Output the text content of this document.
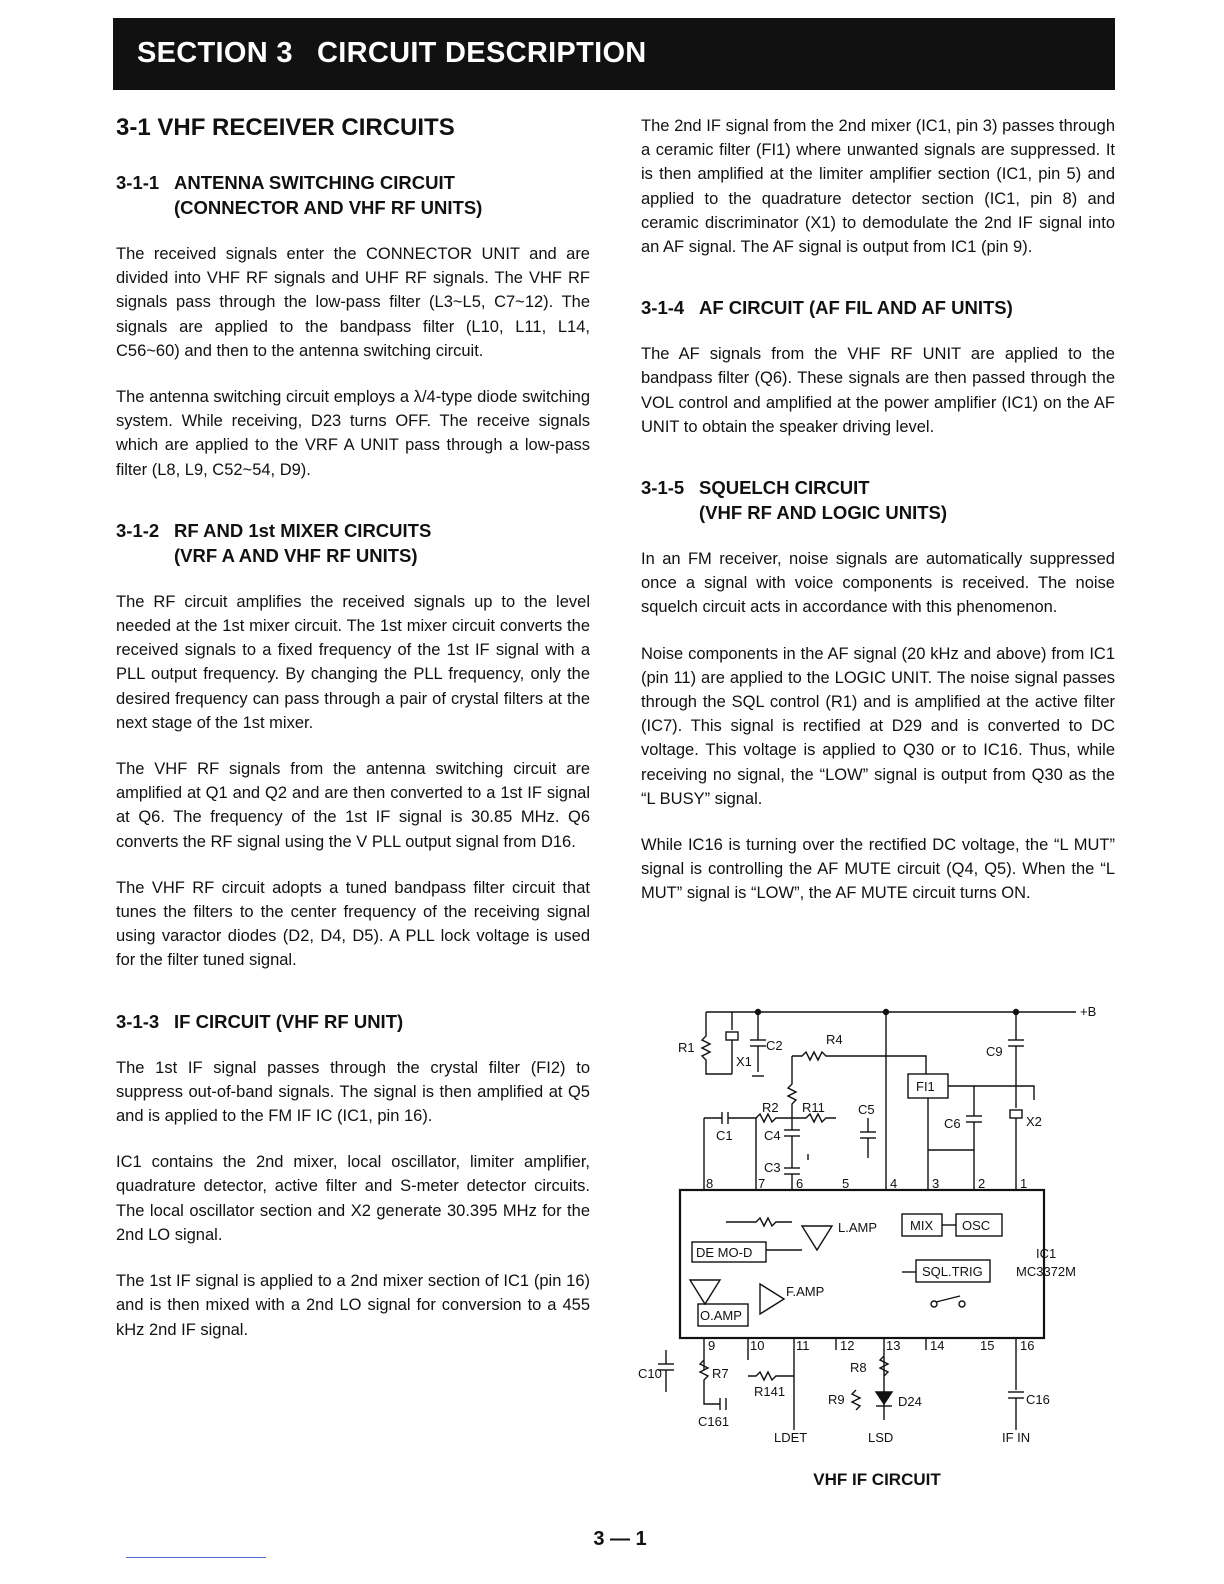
SECTION 3 CIRCUIT DESCRIPTION
3-1 VHF RECEIVER CIRCUITS
3-1-1 ANTENNA SWITCHING CIRCUIT
(CONNECTOR AND VHF RF UNITS)

The received signals enter the CONNECTOR UNIT and are divided into VHF RF signals and UHF RF signals. The VHF RF signals pass through the low-pass filter (L3~L5, C7~12). The signals are applied to the bandpass filter (L10, L11, L14, C56~60) and then to the antenna switching circuit.

The antenna switching circuit employs a λ/4-type diode switching system. While receiving, D23 turns OFF. The receive signals which are applied to the VRF A UNIT pass through a low-pass filter (L8, L9, C52~54, D9).

3-1-2 RF AND 1st MIXER CIRCUITS
(VRF A AND VHF RF UNITS)

The RF circuit amplifies the received signals up to the level needed at the 1st mixer circuit. The 1st mixer circuit converts the received signals to a fixed frequency of the 1st IF signal with a PLL output frequency. By changing the PLL frequency, only the desired frequency can pass through a pair of crystal filters at the next stage of the 1st mixer.

The VHF RF signals from the antenna switching circuit are amplified at Q1 and Q2 and are then converted to a 1st IF signal at Q6. The frequency of the 1st IF signal is 30.85 MHz. Q6 converts the RF signal using the V PLL output signal from D16.

The VHF RF circuit adopts a tuned bandpass filter circuit that tunes the filters to the center frequency of the receiving signal using varactor diodes (D2, D4, D5). A PLL lock voltage is used for the filter tuned signal.

3-1-3 IF CIRCUIT (VHF RF UNIT)

The 1st IF signal passes through the crystal filter (FI2) to suppress out-of-band signals. The signal is then amplified at Q5 and is applied to the FM IF IC (IC1, pin 16).

IC1 contains the 2nd mixer, local oscillator, limiter amplifier, quadrature detector, active filter and S-meter detector circuits. The local oscillator section and X2 generate 30.395 MHz for the 2nd LO signal.

The 1st IF signal is applied to a 2nd mixer section of IC1 (pin 16) and is then mixed with a 2nd LO signal for conversion to a 455 kHz 2nd IF signal.

The 2nd IF signal from the 2nd mixer (IC1, pin 3) passes through a ceramic filter (FI1) where unwanted signals are suppressed. It is then amplified at the limiter amplifier section (IC1, pin 5) and applied to the quadrature detector section (IC1, pin 8) and ceramic discriminator (X1) to demodulate the 2nd IF signal into an AF signal. The AF signal is output from IC1 (pin 9).

3-1-4 AF CIRCUIT (AF FIL AND AF UNITS)

The AF signals from the VHF RF UNIT are applied to the bandpass filter (Q6). These signals are then passed through the VOL control and amplified at the power amplifier (IC1) on the AF UNIT to obtain the speaker driving level.

3-1-5 SQUELCH CIRCUIT
(VHF RF AND LOGIC UNITS)

In an FM receiver, noise signals are automatically suppressed once a signal with voice components is received. The noise squelch circuit acts in accordance with this phenomenon.

Noise components in the AF signal (20 kHz and above) from IC1 (pin 11) are applied to the LOGIC UNIT. The noise signal passes through the SQL control (R1) and is amplified at the active filter (IC7). This signal is rectified at D29 and is converted to DC voltage. This voltage is applied to Q30 or to IC16. Thus, while receiving no signal, the “LOW” signal is output from Q30 as the “L BUSY” signal.

While IC16 is turning over the rectified DC voltage, the “L MUT” signal is controlling the AF MUTE circuit (Q4, Q5). When the “L MUT” signal is “LOW”, the AF MUTE circuit turns ON.

+B
R1	C2
X1
R4
C9
FI1
R2 R11	C5
C6	X2
C1 C4
C3
8	7 6	5	4	3	2	1
L.AMP	MIX OSC
DE MO-D	IC1
MC3372M
SQL.TRIG
F.AMP
O.AMP
9	10 11 12 13 14	15 16
C10	R7	R8
R141
R9	D24	C16
C161
LDET	LSD	IF IN
VHF IF CIRCUIT
3 — 1
